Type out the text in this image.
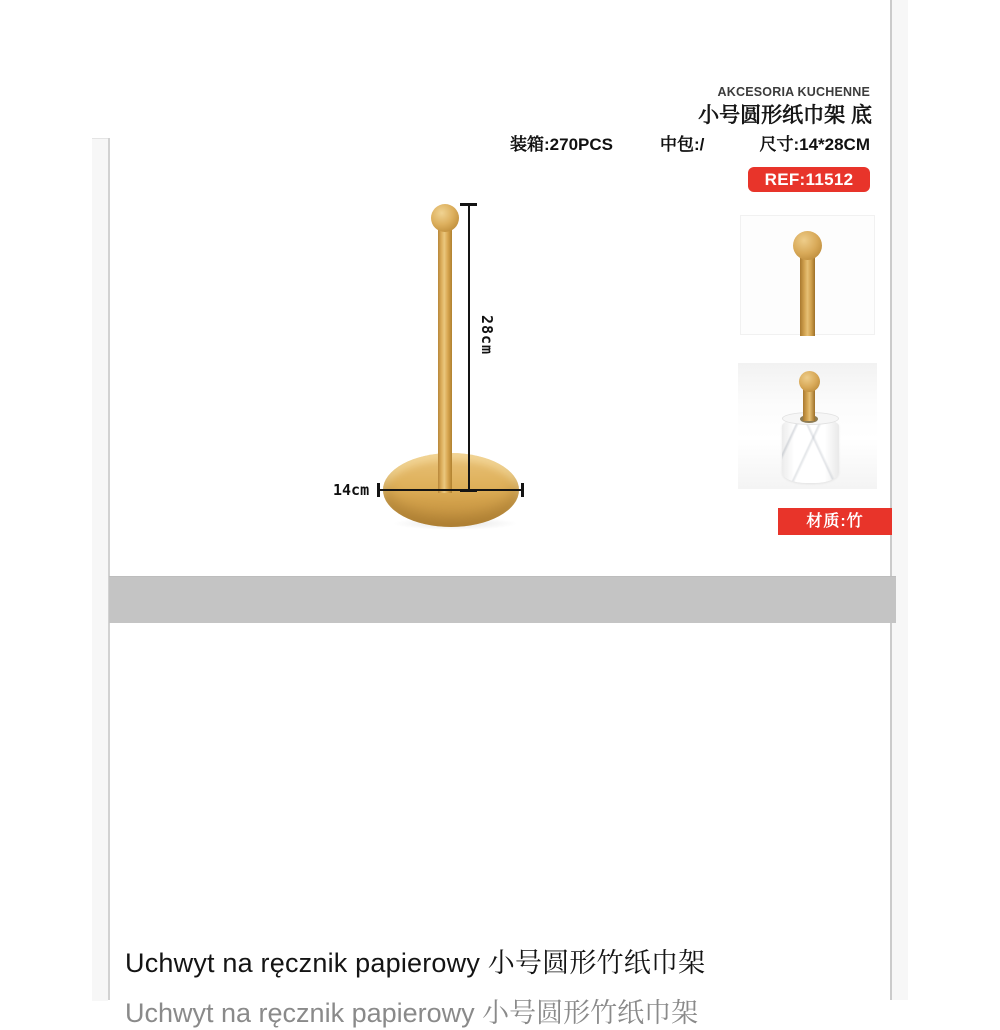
AKCESORIA KUCHENNE
小号圆形纸巾架 底
装箱:270PCS	中包:/	尺寸:14*28CM
REF:11512
28cm
14cm
材质:竹
Uchwyt na ręcznik papierowy 小号圆形竹纸巾架
Uchwyt na ręcznik papierowy 小号圆形竹纸巾架
